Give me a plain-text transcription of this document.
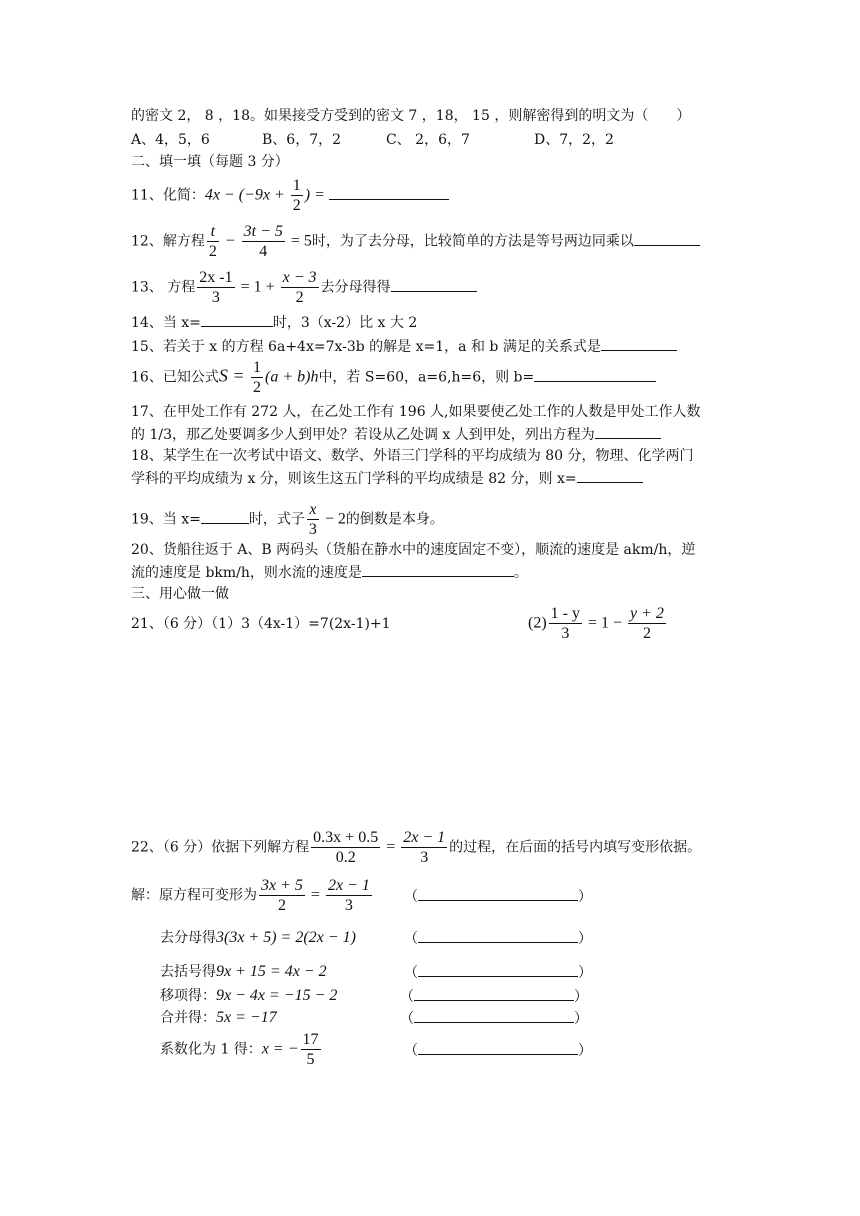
的密文 2， 8 ，18。如果接受方受到的密文 7 ，18， 15 ，则解密得到的明文为（　　）
A、4，5，6	B、6，7，2	C、 2，6，7	D、7，2，2
二、填一填（每题 3 分）
11、化简：$4x - (-9x + \frac{1}{2}$ ) =
12、解方程 $\frac{t}{2} - \frac{3t - 5}{4} = 5$时，为了去分母，比较简单的方法是等号两边同乘以
13、 方程 $\frac{2x -1}{3} = 1 + \frac{x - 3}{2}$ 去分母得得
14、当 x=	时，3（x-2）比 x 大 2
15、若关于 x 的方程 6a+4x=7x-3b 的解是 x=1，a 和 b 满足的关系式是
16、已知公式$S = \frac{1}{2} (a + b)h$中，若 S=60，a=6,h=6，则 b=
17、在甲处工作有 272 人，在乙处工作有 196 人,如果要使乙处工作的人数是甲处工作人数
的 1/3，那乙处要调多少人到甲处？若设从乙处调 x 人到甲处，列出方程为
18、某学生在一次考试中语文、数学、外语三门学科的平均成绩为 80 分，物理、化学两门
学科的平均成绩为 x 分，则该生这五门学科的平均成绩是 82 分，则 x=
19、当 x=	时，式子 $\frac{x}{3} - 2$的倒数是本身。
20、货船往返于 A、B 两码头（货船在静水中的速度固定不变），顺流的速度是 akm/h，逆
流的速度是 bkm/h，则水流的速度是	。
三、用心做一做
21、（6 分）（1）3（4x-1）=7(2x-1)+1	$(2) \frac{1 - y}{3} = 1 - \frac{y + 2}{2}$
22、（6 分）依据下列解方程 $\frac{0.3x + 0.5}{0.2} = \frac{2x - 1}{3}$ 的过程，在后面的括号内填写变形依据。
解：原方程可变形为 $\frac{3x + 5}{2} = \frac{2x - 1}{3}$ （	）
去分母得3(3x + 5) = 2(2x − 1)	（	）
去括号得9x + 15 = 4x − 2	（	）
移项得：9x − 4x = −15 − 2	（	）
合并得：5x = −17	（	）
系数化为 1 得：x = − $\frac{17}{5}$	（	）
